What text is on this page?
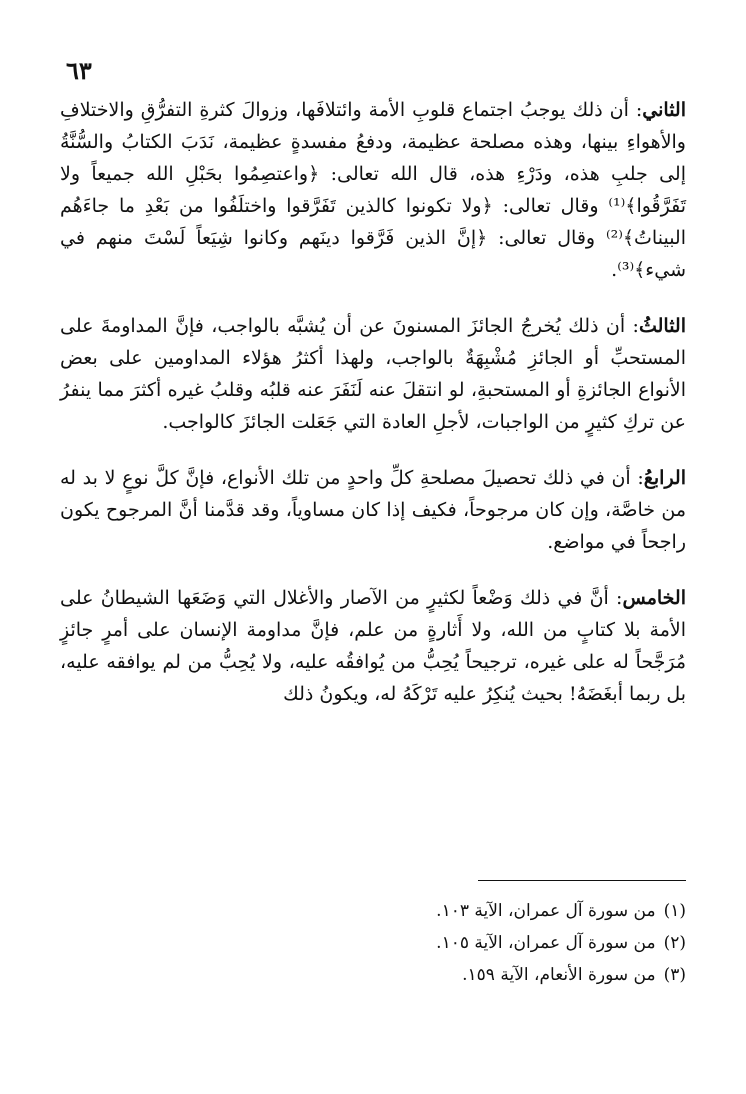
٦٣

الثاني: أن ذلك يوجبُ اجتماع قلوبِ الأمة وائتلافَها، وزوالَ كثرةِ التفرُّقِ والاختلافِ والأهواءِ بينها، وهذه مصلحة عظيمة، ودفعُ مفسدةٍ عظيمة، نَدَبَ الكتابُ والسُّنَّةُ إلى جلبِ هذه، ودَرْءِ هذه، قال الله تعالى: ﴿واعتصِمُوا بحَبْلِ الله جميعاً ولا تَفَرَّقُوا﴾⁽¹⁾ وقال تعالى: ﴿ولا تكونوا كالذين تَفَرَّقوا واختلَفُوا من بَعْدِ ما جاءَهُم البيناتُ﴾⁽²⁾ وقال تعالى: ﴿إنَّ الذين فَرَّقوا دينَهم وكانوا شِيَعاً لَسْتَ منهم في شيء﴾⁽³⁾.

الثالثُ: أن ذلك يُخرجُ الجائزَ المسنونَ عن أن يُشبَّه بالواجب، فإنَّ المداومةَ على المستحبِّ أو الجائزِ مُشْبِهَةٌ بالواجب، ولهذا أكثرُ هؤلاء المداومين على بعض الأنواع الجائزةِ أو المستحبةِ، لو انتقلَ عنه لَنَفَرَ عنه قلبُه وقلبُ غيره أكثرَ مما ينفرُ عن تركِ كثيرٍ من الواجبات، لأجلِ العادة التي جَعَلت الجائزَ كالواجب.

الرابعُ: أن في ذلك تحصيلَ مصلحةِ كلِّ واحدٍ من تلك الأنواع، فإنَّ كلَّ نوعٍ لا بد له من خاصَّة، وإن كان مرجوحاً، فكيف إذا كان مساوياً، وقد قدَّمنا أنَّ المرجوح يكون راجحاً في مواضع.

الخامس: أنَّ في ذلك وَضْعاً لكثيرٍ من الآصار والأغلال التي وَضَعَها الشيطانُ على الأمة بلا كتابٍ من الله، ولا أَثارةٍ من علم، فإنَّ مداومة الإنسان على أمرٍ جائزٍ مُرَجَّحاً له على غيره، ترجيحاً يُحِبُّ من يُوافقُه عليه، ولا يُحِبُّ من لم يوافقه عليه، بل ربما أبغَضَهُ! بحيث يُنكِرُ عليه تَرْكَهُ له، ويكونُ ذلك

(١)من سورة آل عمران، الآية ١٠٣.

(٢)من سورة آل عمران، الآية ١٠٥.

(٣)من سورة الأنعام، الآية ١٥٩.
